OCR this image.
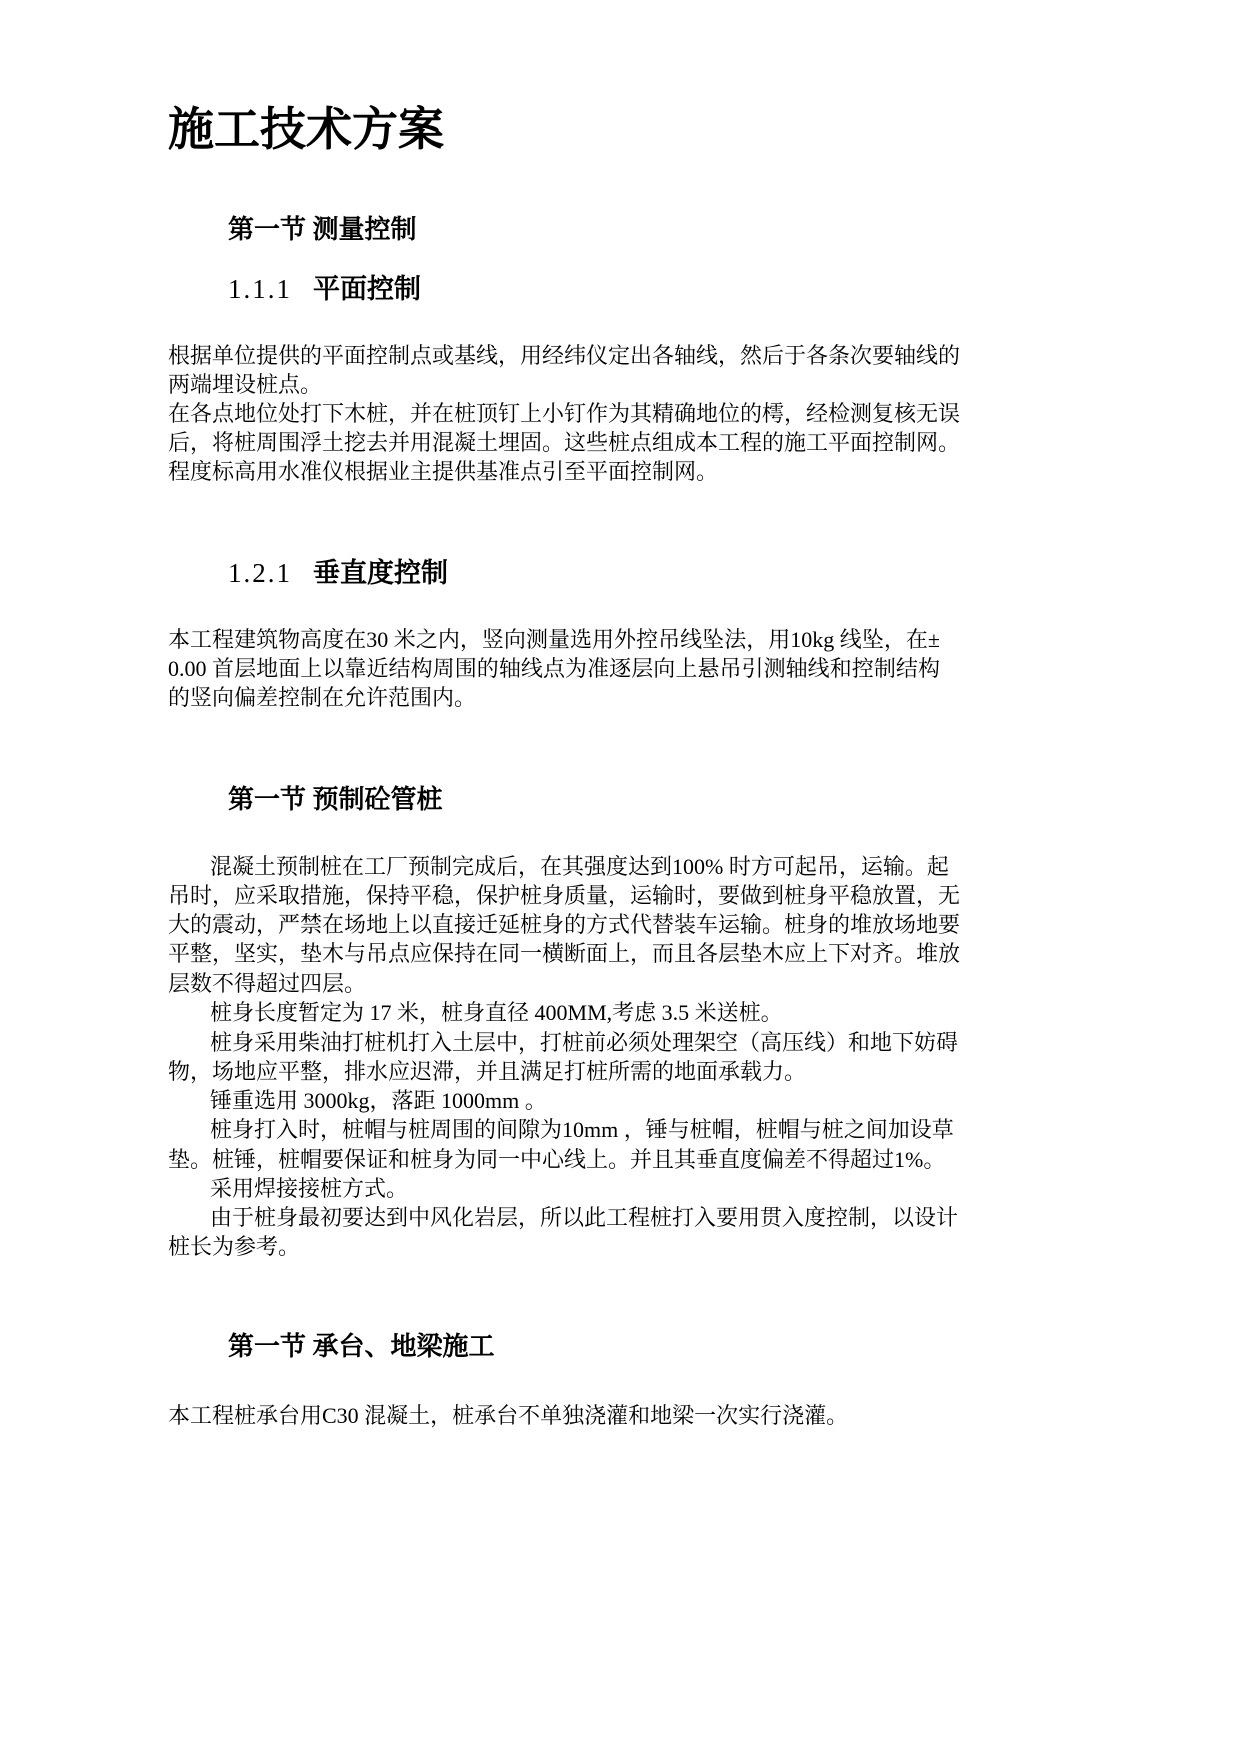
施工技术方案
第一节 测量控制
1.1.1 平面控制
根据单位提供的平面控制点或基线，用经纬仪定出各轴线，然后于各条次要轴线的
两端埋设桩点。
在各点地位处打下木桩，并在桩顶钉上小钉作为其精确地位的樗，经检测复核无误
后，将桩周围浮土挖去并用混凝土埋固。这些桩点组成本工程的施工平面控制网。
程度标高用水准仪根据业主提供基准点引至平面控制网。
1.2.1 垂直度控制
本工程建筑物高度在30 米之内，竖向测量选用外控吊线坠法，用10kg 线坠，在±
0.00 首层地面上以靠近结构周围的轴线点为准逐层向上悬吊引测轴线和控制结构
的竖向偏差控制在允许范围内。
第一节 预制砼管桩
混凝土预制桩在工厂预制完成后，在其强度达到100% 时方可起吊，运输。起
吊时，应采取措施，保持平稳，保护桩身质量，运输时，要做到桩身平稳放置，无
大的震动，严禁在场地上以直接迁延桩身的方式代替装车运输。桩身的堆放场地要
平整，坚实，垫木与吊点应保持在同一横断面上，而且各层垫木应上下对齐。堆放
层数不得超过四层。
桩身长度暂定为 17 米，桩身直径 400MM,考虑 3.5 米送桩。
桩身采用柴油打桩机打入土层中，打桩前必须处理架空（高压线）和地下妨碍
物，场地应平整，排水应迟滞，并且满足打桩所需的地面承载力。
锤重选用 3000kg，落距 1000mm 。
桩身打入时，桩帽与桩周围的间隙为10mm ，锤与桩帽，桩帽与桩之间加设草
垫。桩锤，桩帽要保证和桩身为同一中心线上。并且其垂直度偏差不得超过1%。
采用焊接接桩方式。
由于桩身最初要达到中风化岩层，所以此工程桩打入要用贯入度控制，以设计
桩长为参考。
第一节 承台、地梁施工
本工程桩承台用C30 混凝土，桩承台不单独浇灌和地梁一次实行浇灌。
